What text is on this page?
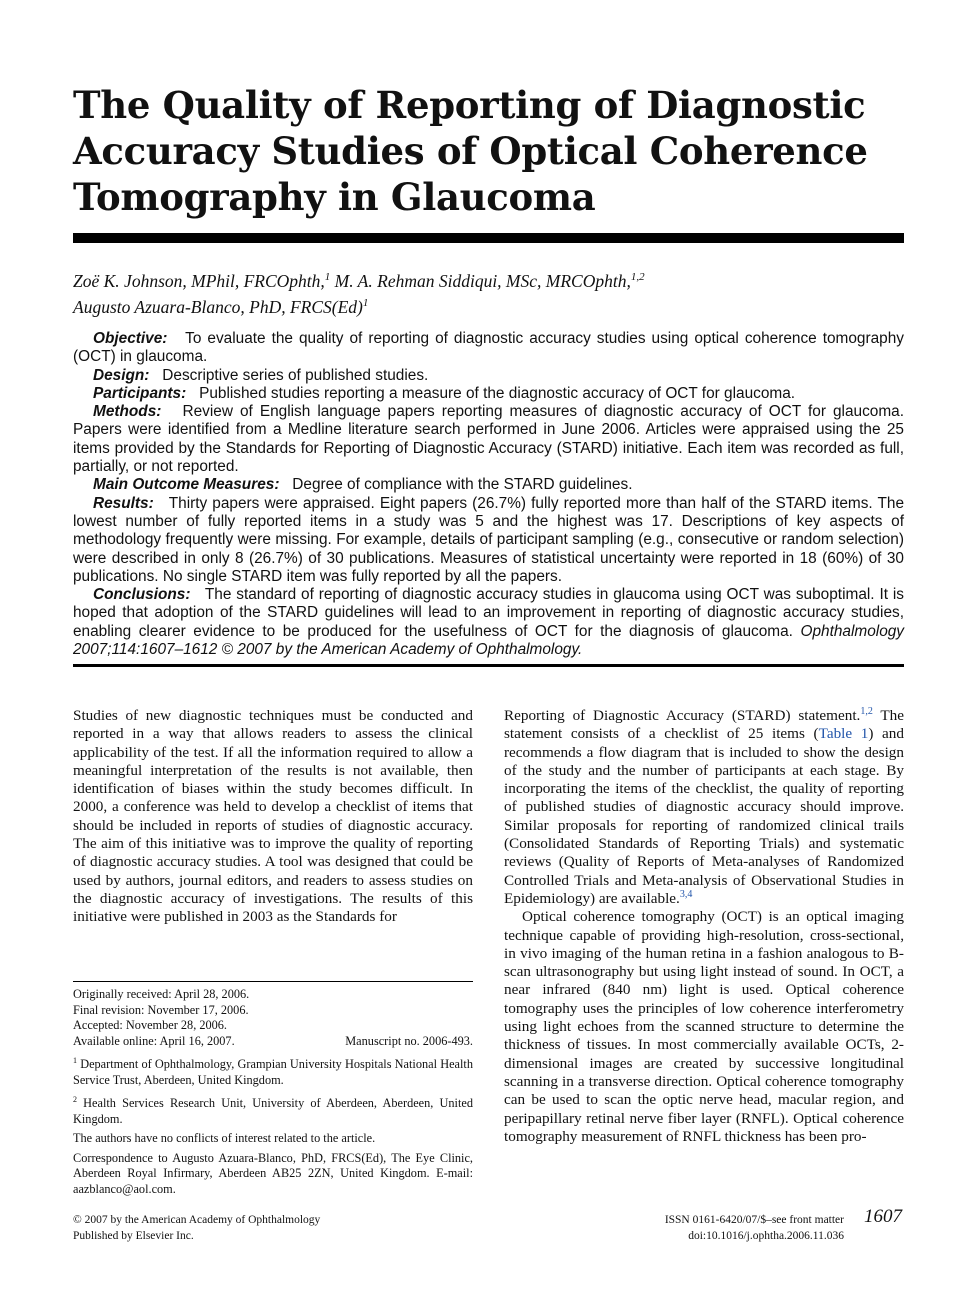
The Quality of Reporting of Diagnostic Accuracy Studies of Optical Coherence Tomography in Glaucoma
Zoë K. Johnson, MPhil, FRCOphth,$^1$ M. A. Rehman Siddiqui, MSc, MRCOphth,$^{1,2}$
Augusto Azuara-Blanco, PhD, $FRCS(Ed)^1$

Objective: To evaluate the quality of reporting of diagnostic accuracy studies using optical coherence tomography (OCT) in glaucoma.

Design: Descriptive series of published studies.

Participants: Published studies reporting a measure of the diagnostic accuracy of OCT for glaucoma.

Methods: Review of English language papers reporting measures of diagnostic accuracy of OCT for glaucoma. Papers were identified from a Medline literature search performed in June 2006. Articles were appraised using the 25 items provided by the Standards for Reporting of Diagnostic Accuracy (STARD) initiative. Each item was recorded as full, partially, or not reported.

Main Outcome Measures: Degree of compliance with the STARD guidelines.

Results: Thirty papers were appraised. Eight papers (26.7%) fully reported more than half of the STARD items. The lowest number of fully reported items in a study was 5 and the highest was 17. Descriptions of key aspects of methodology frequently were missing. For example, details of participant sampling (e.g., consecutive or random selection) were described in only 8 (26.7%) of 30 publications. Measures of statistical uncertainty were reported in 18 (60%) of 30 publications. No single STARD item was fully reported by all the papers.

Conclusions: The standard of reporting of diagnostic accuracy studies in glaucoma using OCT was suboptimal. It is hoped that adoption of the STARD guidelines will lead to an improvement in reporting of diagnostic accuracy studies, enabling clearer evidence to be produced for the usefulness of OCT for the diagnosis of glaucoma. Ophthalmology 2007;114:1607–1612 © 2007 by the American Academy of Ophthalmology.

Studies of new diagnostic techniques must be conducted and reported in a way that allows readers to assess the clinical applicability of the test. If all the information required to allow a meaningful interpretation of the results is not available, then identification of biases within the study becomes difficult. In 2000, a conference was held to develop a checklist of items that should be included in reports of studies of diagnostic accuracy. The aim of this initiative was to improve the quality of reporting of diagnostic accuracy studies. A tool was designed that could be used by authors, journal editors, and readers to assess studies on the diagnostic accuracy of investigations. The results of this initiative were published in 2003 as the Standards for

Originally received: April 28, 2006.

Final revision: November 17, 2006.

Accepted: November 28, 2006.

Available online: April 16, 2007.	Manuscript no. 2006-493.

$^1$ Department of Ophthalmology, Grampian University Hospitals National Health Service Trust, Aberdeen, United Kingdom.

$^2$ Health Services Research Unit, University of Aberdeen, Aberdeen, United Kingdom.

The authors have no conflicts of interest related to the article.

Correspondence to Augusto Azuara-Blanco, PhD, FRCS(Ed), The Eye Clinic, Aberdeen Royal Infirmary, Aberdeen AB25 2ZN, United Kingdom. E-mail: aazblanco@aol.com.

Reporting of Diagnostic Accuracy (STARD) statement.$^{1,2}$ The statement consists of a checklist of 25 items (Table 1) and recommends a flow diagram that is included to show the design of the study and the number of participants at each stage. By incorporating the items of the checklist, the quality of reporting of published studies of diagnostic accuracy should improve. Similar proposals for reporting of randomized clinical trails (Consolidated Standards of Reporting Trials) and systematic reviews (Quality of Reports of Meta-analyses of Randomized Controlled Trials and Meta-analysis of Observational Studies in Epidemiology) are available.$^{3,4}$

Optical coherence tomography (OCT) is an optical imaging technique capable of providing high-resolution, cross-sectional, in vivo imaging of the human retina in a fashion analogous to B-scan ultrasonography but using light instead of sound. In OCT, a near infrared (840 nm) light is used. Optical coherence tomography uses the principles of low coherence interferometry using light echoes from the scanned structure to determine the thickness of tissues. In most commercially available OCTs, 2-dimensional images are created by successive longitudinal scanning in a transverse direction. Optical coherence tomography can be used to scan the optic nerve head, macular region, and peripapillary retinal nerve fiber layer (RNFL). Optical coherence tomography measurement of RNFL thickness has been pro-

© 2007 by the American Academy of Ophthalmology
Published by Elsevier Inc.
ISSN 0161-6420/07/$–see front matter
doi:10.1016/j.ophtha.2006.11.036
1607
